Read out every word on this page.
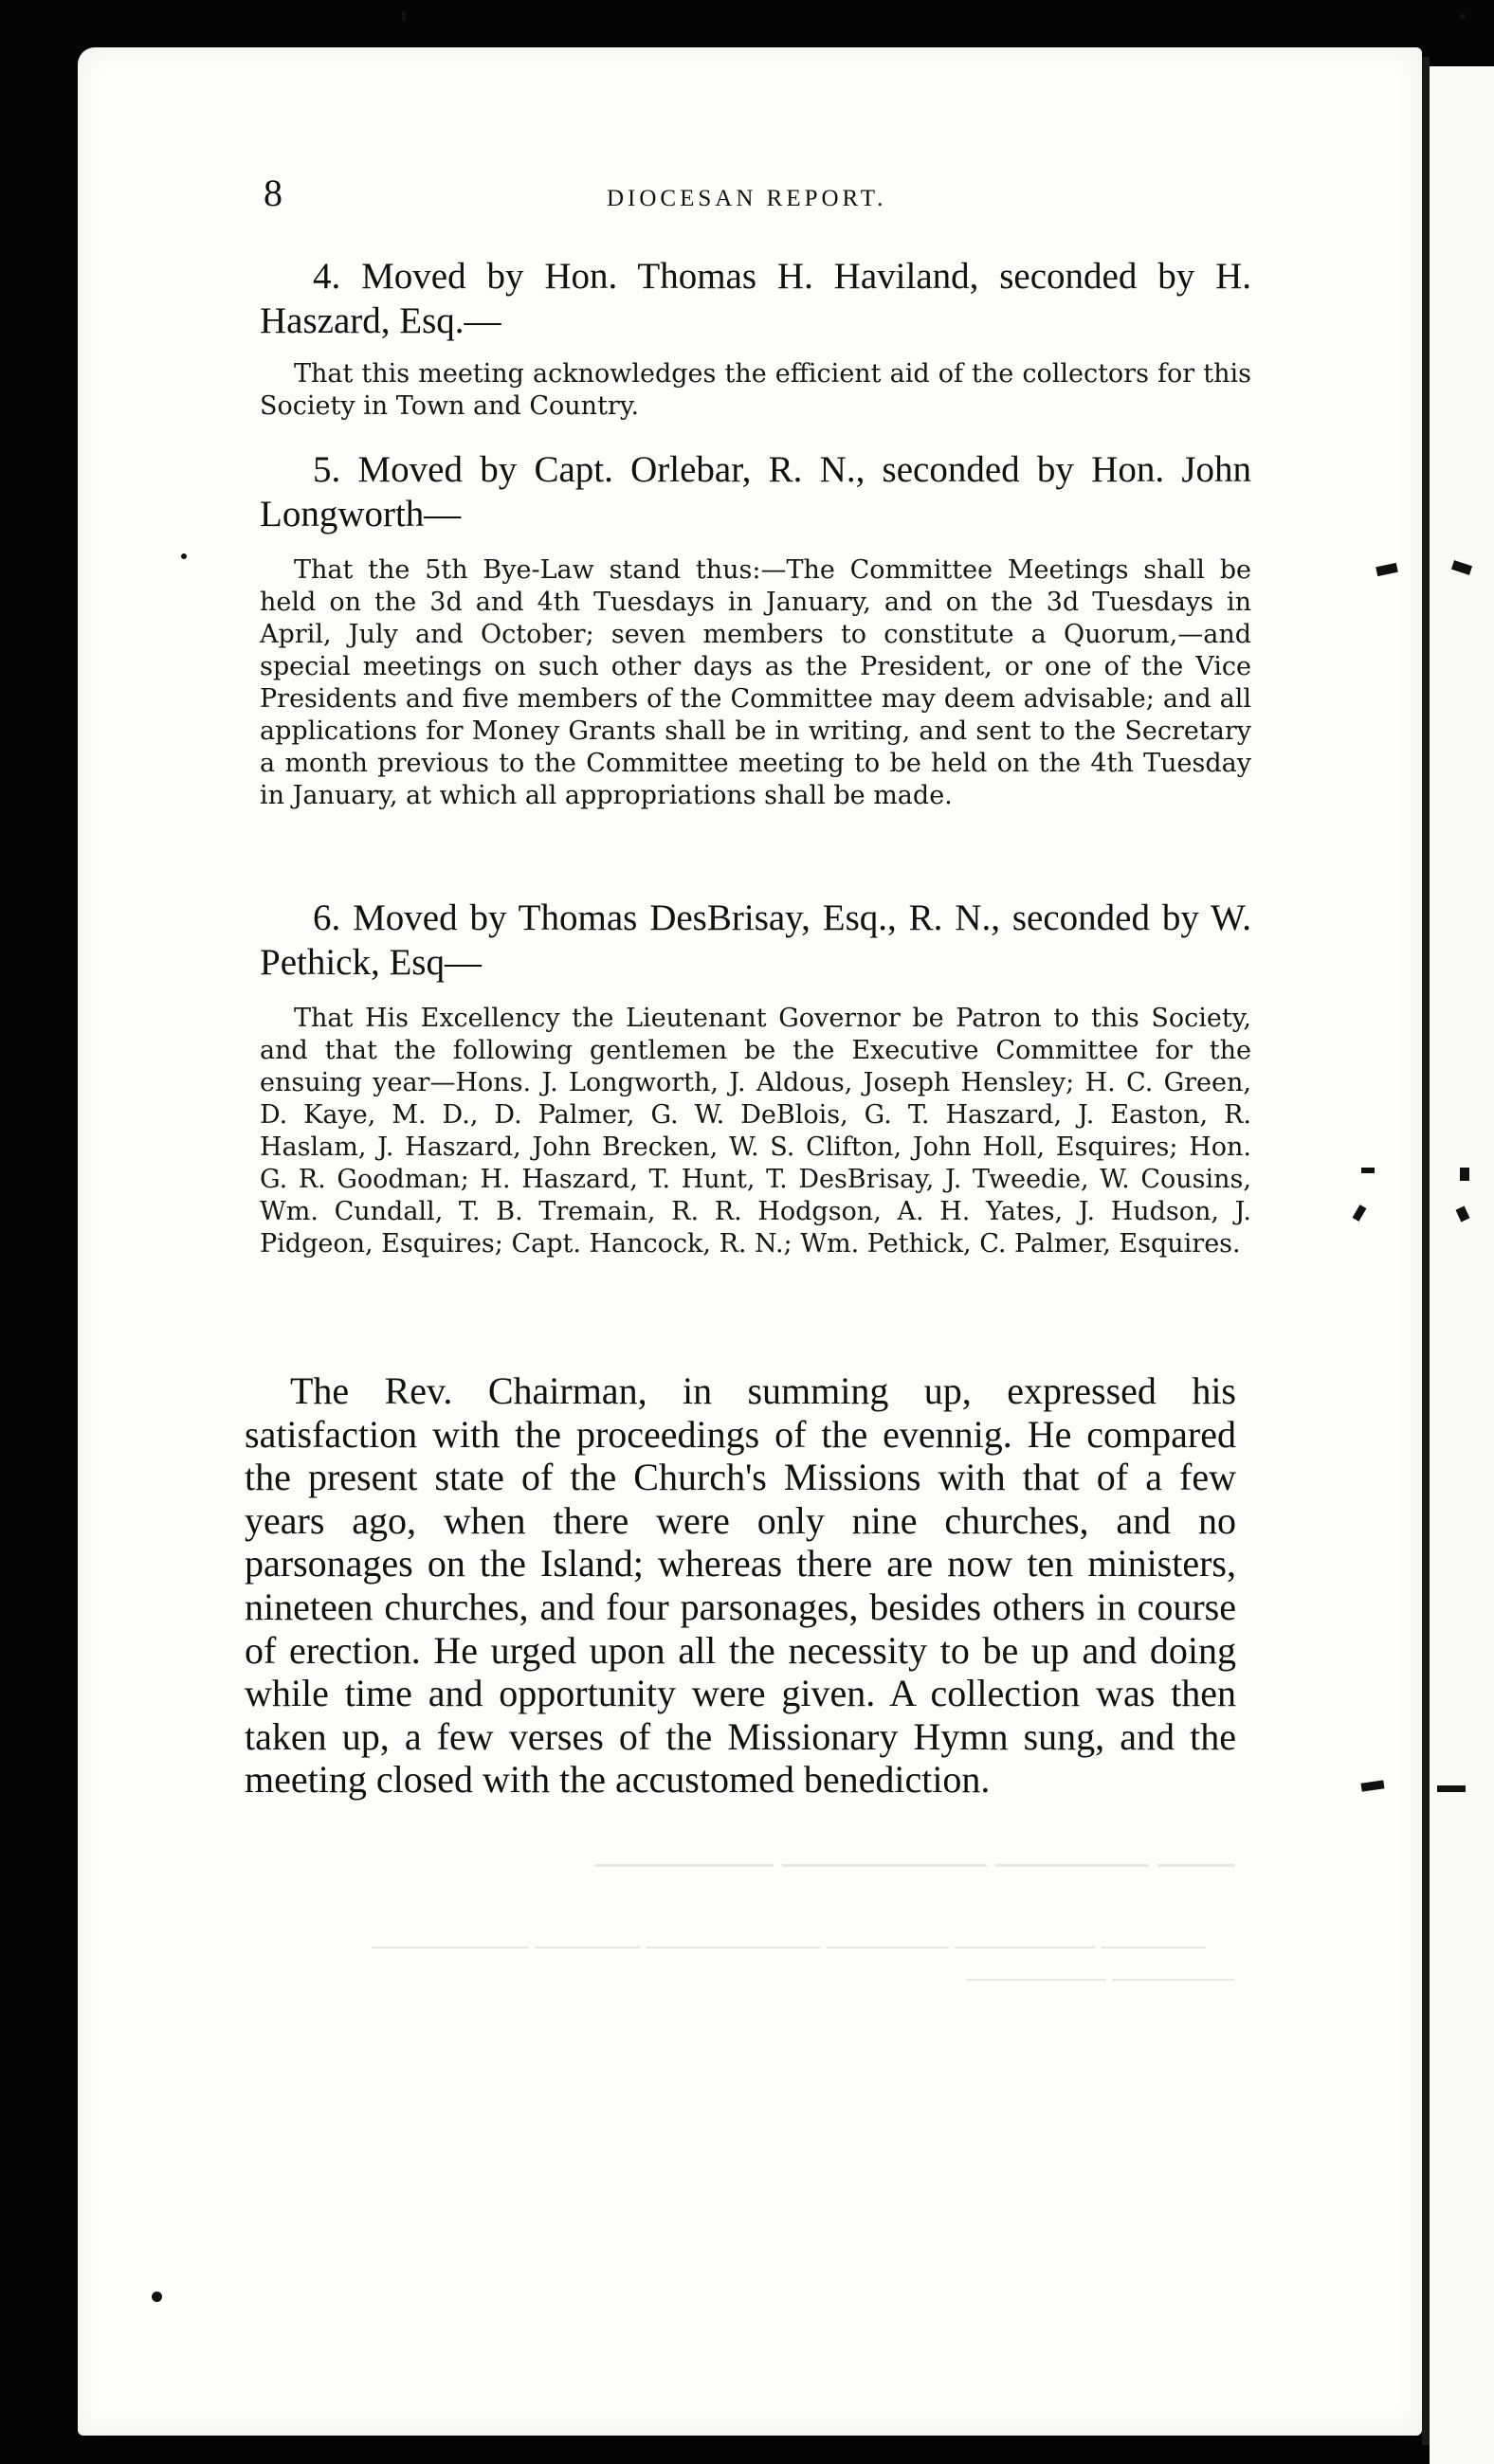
8	DIOCESAN REPORT.

4. Moved by Hon. Thomas H. Haviland, seconded by H. Haszard, Esq.—

That this meeting acknowledges the efficient aid of the collectors for this Society in Town and Country.

5. Moved by Capt. Orlebar, R. N., seconded by Hon. John Longworth—

That the 5th Bye-Law stand thus:—The Committee Meetings shall be held on the 3d and 4th Tuesdays in January, and on the 3d Tuesdays in April, July and October; seven members to constitute a Quorum,—and special meetings on such other days as the President, or one of the Vice Presidents and five members of the Committee may deem advisable; and all applications for Money Grants shall be in writing, and sent to the Secretary a month previous to the Committee meeting to be held on the 4th Tuesday in January, at which all appropriations shall be made.

6. Moved by Thomas DesBrisay, Esq., R. N., seconded by W. Pethick, Esq—

That His Excellency the Lieutenant Governor be Patron to this Society, and that the following gentlemen be the Executive Committee for the ensuing year—Hons. J. Longworth, J. Aldous, Joseph Hensley; H. C. Green, D. Kaye, M. D., D. Palmer, G. W. DeBlois, G. T. Haszard, J. Easton, R. Haslam, J. Haszard, John Brecken, W. S. Clifton, John Holl, Esquires; Hon. G. R. Goodman; H. Haszard, T. Hunt, T. DesBrisay, J. Tweedie, W. Cousins, Wm. Cundall, T. B. Tremain, R. R. Hodgson, A. H. Yates, J. Hudson, J. Pidgeon, Esquires; Capt. Hancock, R. N.; Wm. Pethick, C. Palmer, Esquires.

The Rev. Chairman, in summing up, expressed his satisfaction with the proceedings of the evennig. He compared the present state of the Church's Missions with that of a few years ago, when there were only nine churches, and no parsonages on the Island; whereas there are now ten ministers, nineteen churches, and four parsonages, besides others in course of erection. He urged upon all the necessity to be up and doing while time and opportunity were given. A collection was then taken up, a few verses of the Missionary Hymn sung, and the meeting closed with the accustomed benediction.

─── ────── ──────── ───────

────── ──────── ─────── ────────── ────── ───────── ─────── ────────
